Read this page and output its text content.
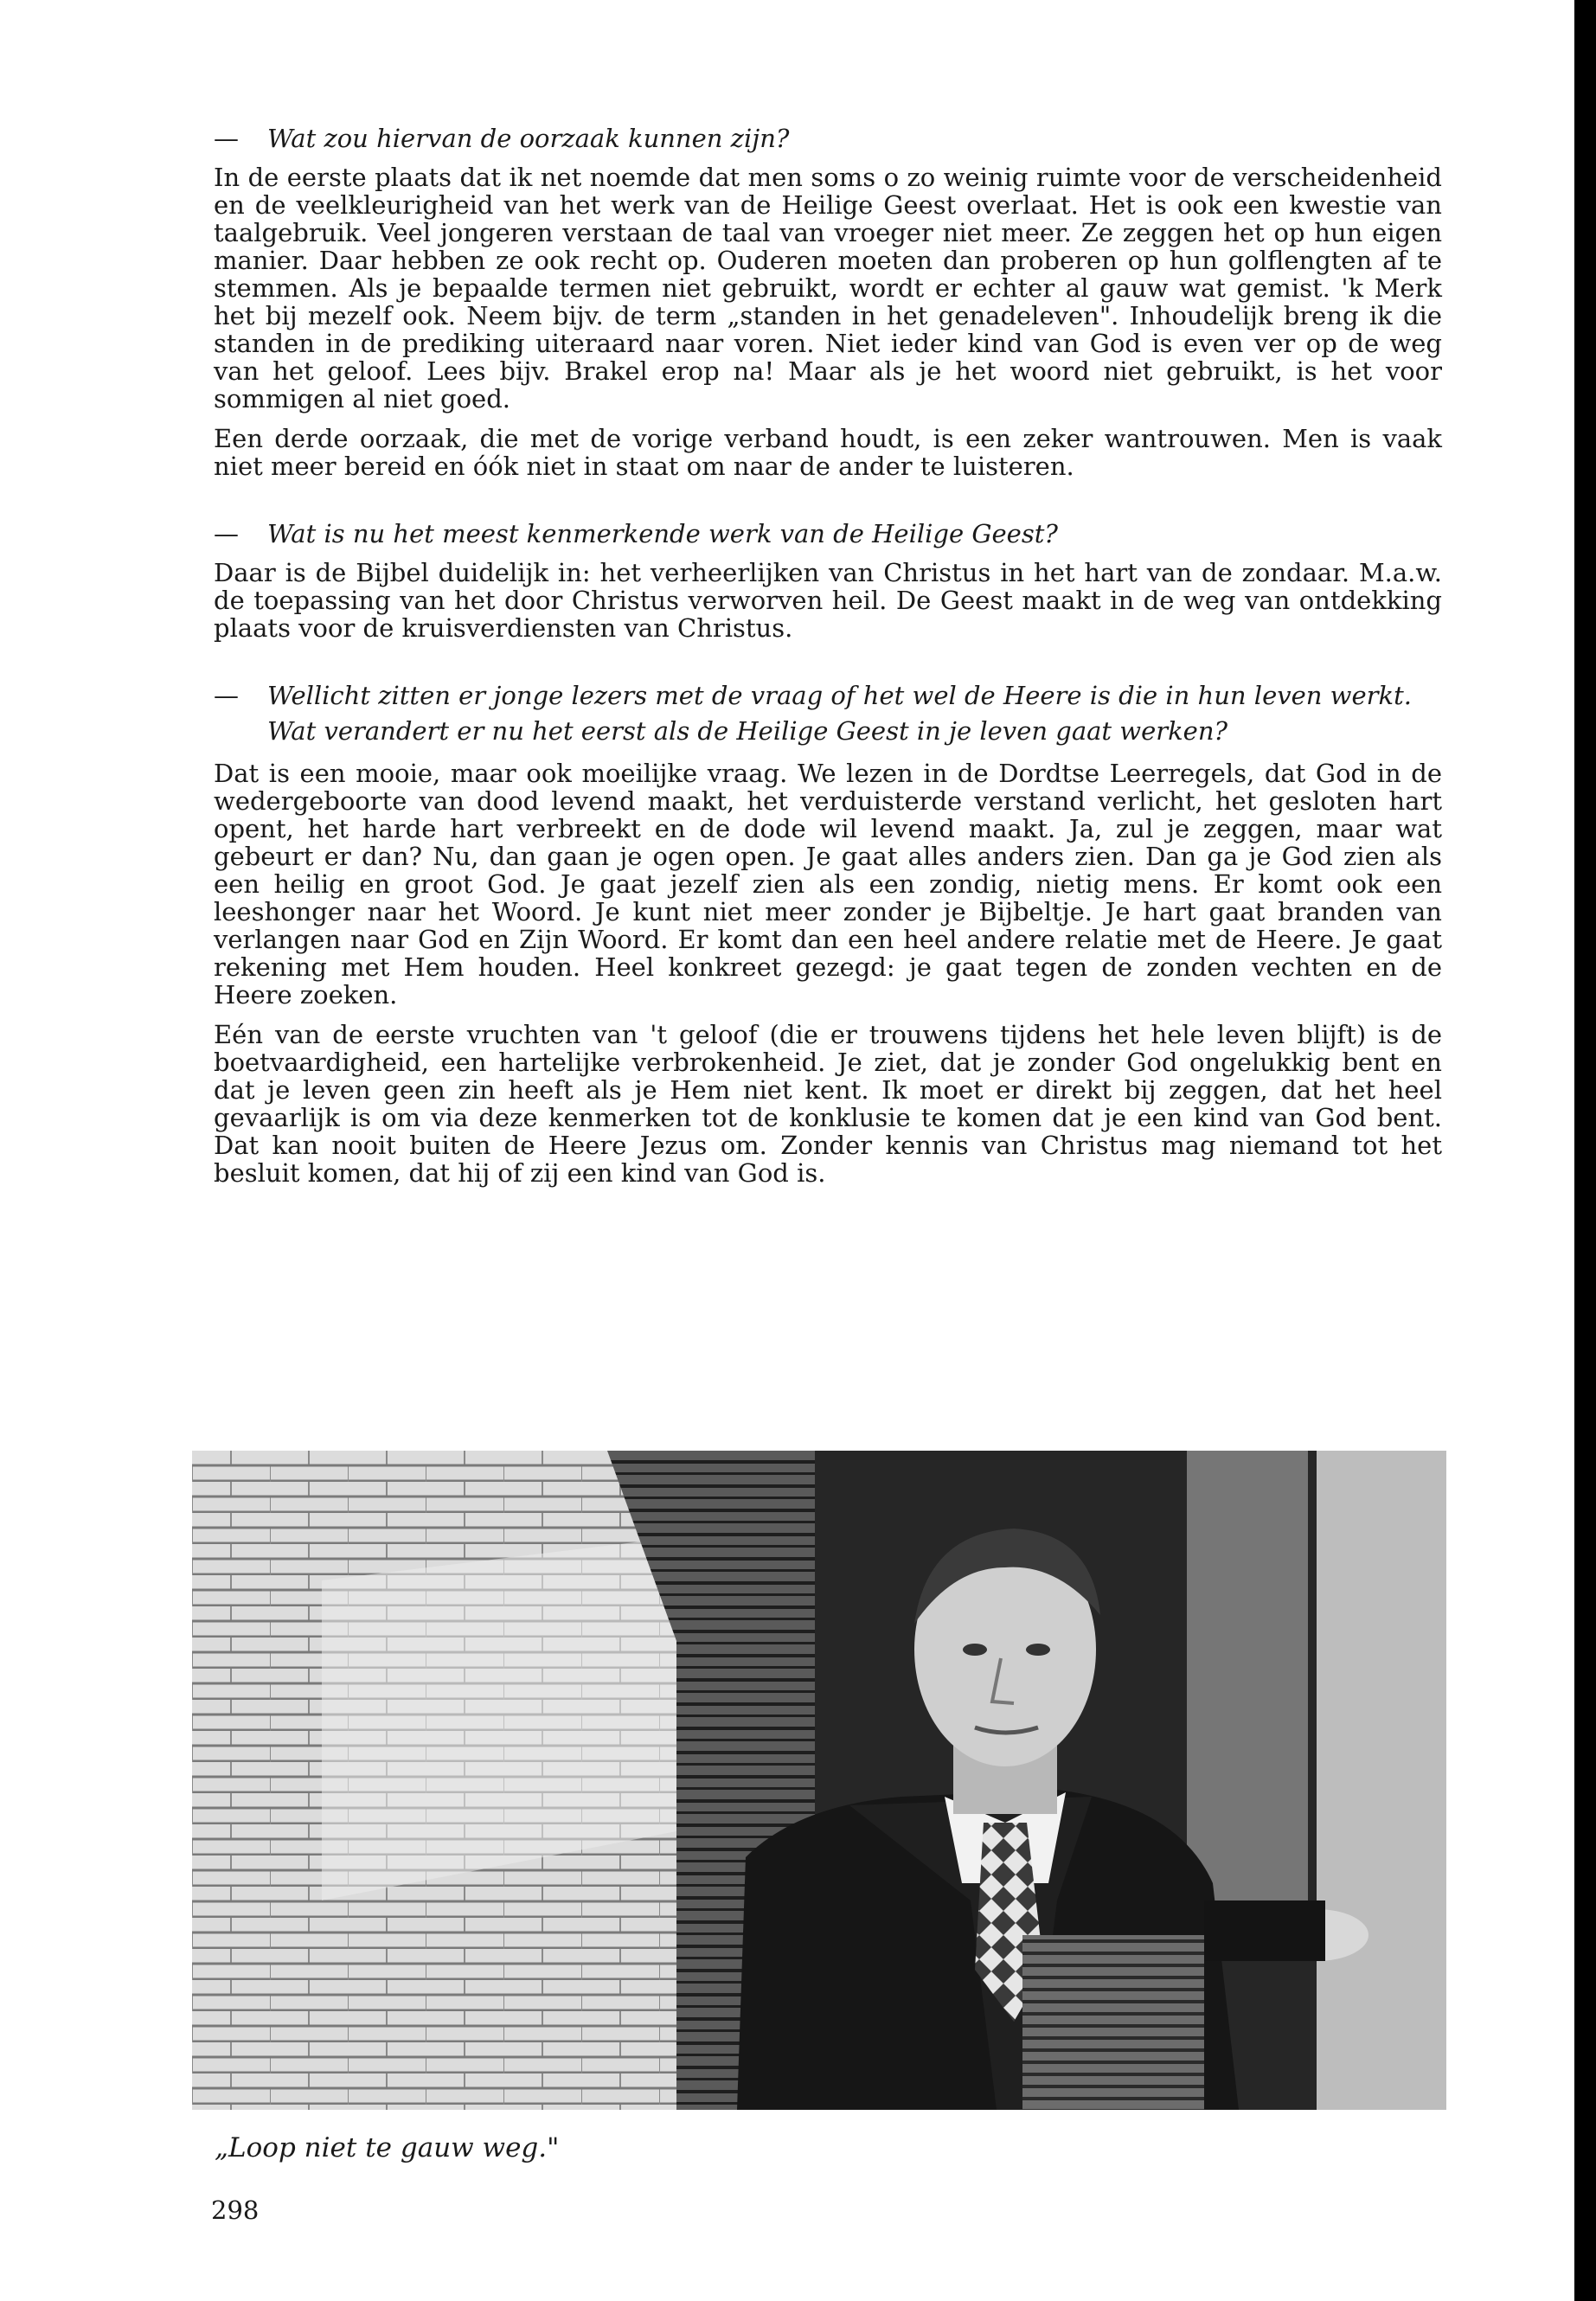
— Wat zou hiervan de oorzaak kunnen zijn?

In de eerste plaats dat ik net noemde dat men soms o zo weinig ruimte voor de verscheidenheid en de veelkleurigheid van het werk van de Heilige Geest overlaat. Het is ook een kwestie van taalgebruik. Veel jongeren verstaan de taal van vroeger niet meer. Ze zeggen het op hun eigen manier. Daar hebben ze ook recht op. Ouderen moeten dan proberen op hun golflengten af te stemmen. Als je bepaalde termen niet gebruikt, wordt er echter al gauw wat gemist. 'k Merk het bij mezelf ook. Neem bijv. de term „standen in het genadeleven". Inhoudelijk breng ik die standen in de prediking uiteraard naar voren. Niet ieder kind van God is even ver op de weg van het geloof. Lees bijv. Brakel erop na! Maar als je het woord niet gebruikt, is het voor sommigen al niet goed.

Een derde oorzaak, die met de vorige verband houdt, is een zeker wantrouwen. Men is vaak niet meer bereid en óók niet in staat om naar de ander te luisteren.

— Wat is nu het meest kenmerkende werk van de Heilige Geest?

Daar is de Bijbel duidelijk in: het verheerlijken van Christus in het hart van de zondaar. M.a.w. de toepassing van het door Christus verworven heil. De Geest maakt in de weg van ontdekking plaats voor de kruisverdiensten van Christus.

— Wellicht zitten er jonge lezers met de vraag of het wel de Heere is die in hun leven werkt. Wat verandert er nu het eerst als de Heilige Geest in je leven gaat werken?

Dat is een mooie, maar ook moeilijke vraag. We lezen in de Dordtse Leerregels, dat God in de wedergeboorte van dood levend maakt, het verduisterde verstand verlicht, het gesloten hart opent, het harde hart verbreekt en de dode wil levend maakt. Ja, zul je zeggen, maar wat gebeurt er dan? Nu, dan gaan je ogen open. Je gaat alles anders zien. Dan ga je God zien als een heilig en groot God. Je gaat jezelf zien als een zondig, nietig mens. Er komt ook een leeshonger naar het Woord. Je kunt niet meer zonder je Bijbeltje. Je hart gaat branden van verlangen naar God en Zijn Woord. Er komt dan een heel andere relatie met de Heere. Je gaat rekening met Hem houden. Heel konkreet gezegd: je gaat tegen de zonden vechten en de Heere zoeken.

Eén van de eerste vruchten van 't geloof (die er trouwens tijdens het hele leven blijft) is de boetvaardigheid, een hartelijke verbrokenheid. Je ziet, dat je zonder God ongelukkig bent en dat je leven geen zin heeft als je Hem niet kent. Ik moet er direkt bij zeggen, dat het heel gevaarlijk is om via deze kenmerken tot de konklusie te komen dat je een kind van God bent. Dat kan nooit buiten de Heere Jezus om. Zonder kennis van Christus mag niemand tot het besluit komen, dat hij of zij een kind van God is.

„Loop niet te gauw weg."

298
